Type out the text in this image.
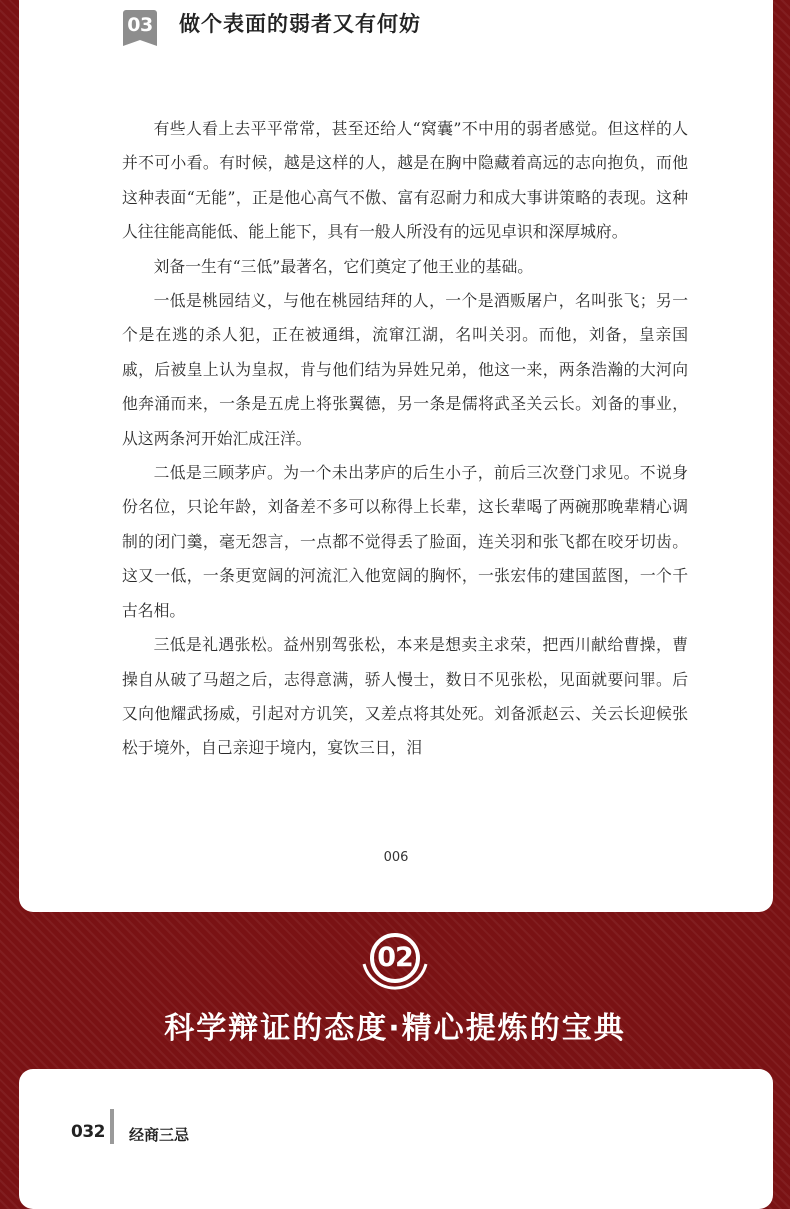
03 做个表面的弱者又有何妨

有些人看上去平平常常，甚至还给人“窝囊”不中用的弱者感觉。但这样的人并不可小看。有时候，越是这样的人，越是在胸中隐藏着高远的志向抱负，而他这种表面“无能”，正是他心高气不傲、富有忍耐力和成大事讲策略的表现。这种人往往能高能低、能上能下，具有一般人所没有的远见卓识和深厚城府。

刘备一生有“三低”最著名，它们奠定了他王业的基础。

一低是桃园结义，与他在桃园结拜的人，一个是酒贩屠户，名叫张飞；另一个是在逃的杀人犯，正在被通缉，流窜江湖，名叫关羽。而他，刘备，皇亲国戚，后被皇上认为皇叔，肯与他们结为异姓兄弟，他这一来，两条浩瀚的大河向他奔涌而来，一条是五虎上将张翼德，另一条是儒将武圣关云长。刘备的事业，从这两条河开始汇成汪洋。

二低是三顾茅庐。为一个未出茅庐的后生小子，前后三次登门求见。不说身份名位，只论年龄，刘备差不多可以称得上长辈，这长辈喝了两碗那晚辈精心调制的闭门羹，毫无怨言，一点都不觉得丢了脸面，连关羽和张飞都在咬牙切齿。这又一低，一条更宽阔的河流汇入他宽阔的胸怀，一张宏伟的建国蓝图，一个千古名相。

三低是礼遇张松。益州别驾张松，本来是想卖主求荣，把西川献给曹操，曹操自从破了马超之后，志得意满，骄人慢士，数日不见张松，见面就要问罪。后又向他耀武扬威，引起对方讥笑，又差点将其处死。刘备派赵云、关云长迎候张松于境外，自己亲迎于境内，宴饮三日，泪

006
02
科学辩证的态度·精心提炼的宝典
032 经商三忌
